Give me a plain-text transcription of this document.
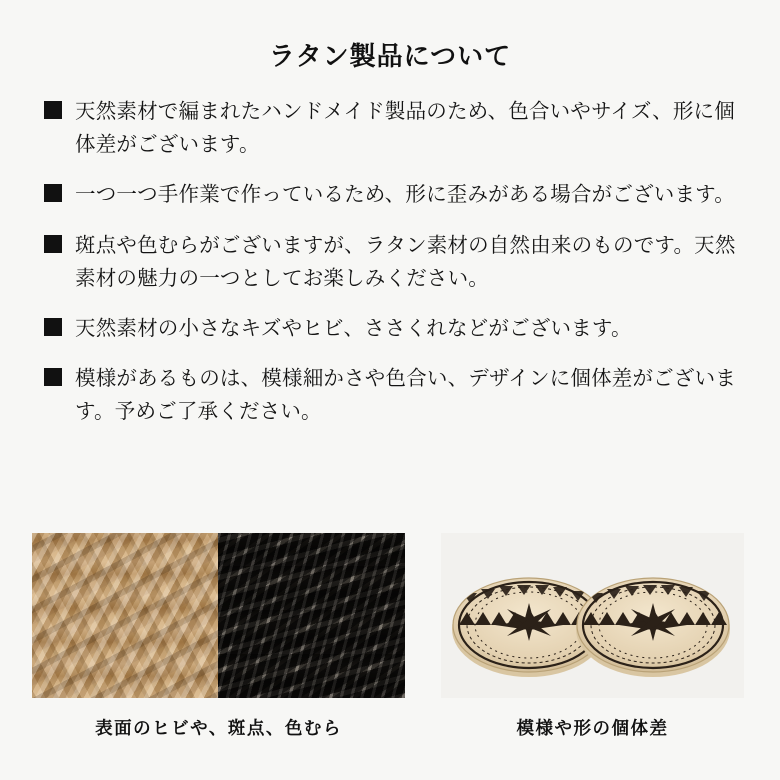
ラタン製品について
天然素材で編まれたハンドメイド製品のため、色合いやサイズ、形に個体差がございます。
一つ一つ手作業で作っているため、形に歪みがある場合がございます。
斑点や色むらがございますが、ラタン素材の自然由来のものです。天然素材の魅力の一つとしてお楽しみください。
天然素材の小さなキズやヒビ、ささくれなどがございます。
模様があるものは、模様細かさや色合い、デザインに個体差がございます。予めご了承ください。
表面のヒビや、斑点、色むら	模様や形の個体差
